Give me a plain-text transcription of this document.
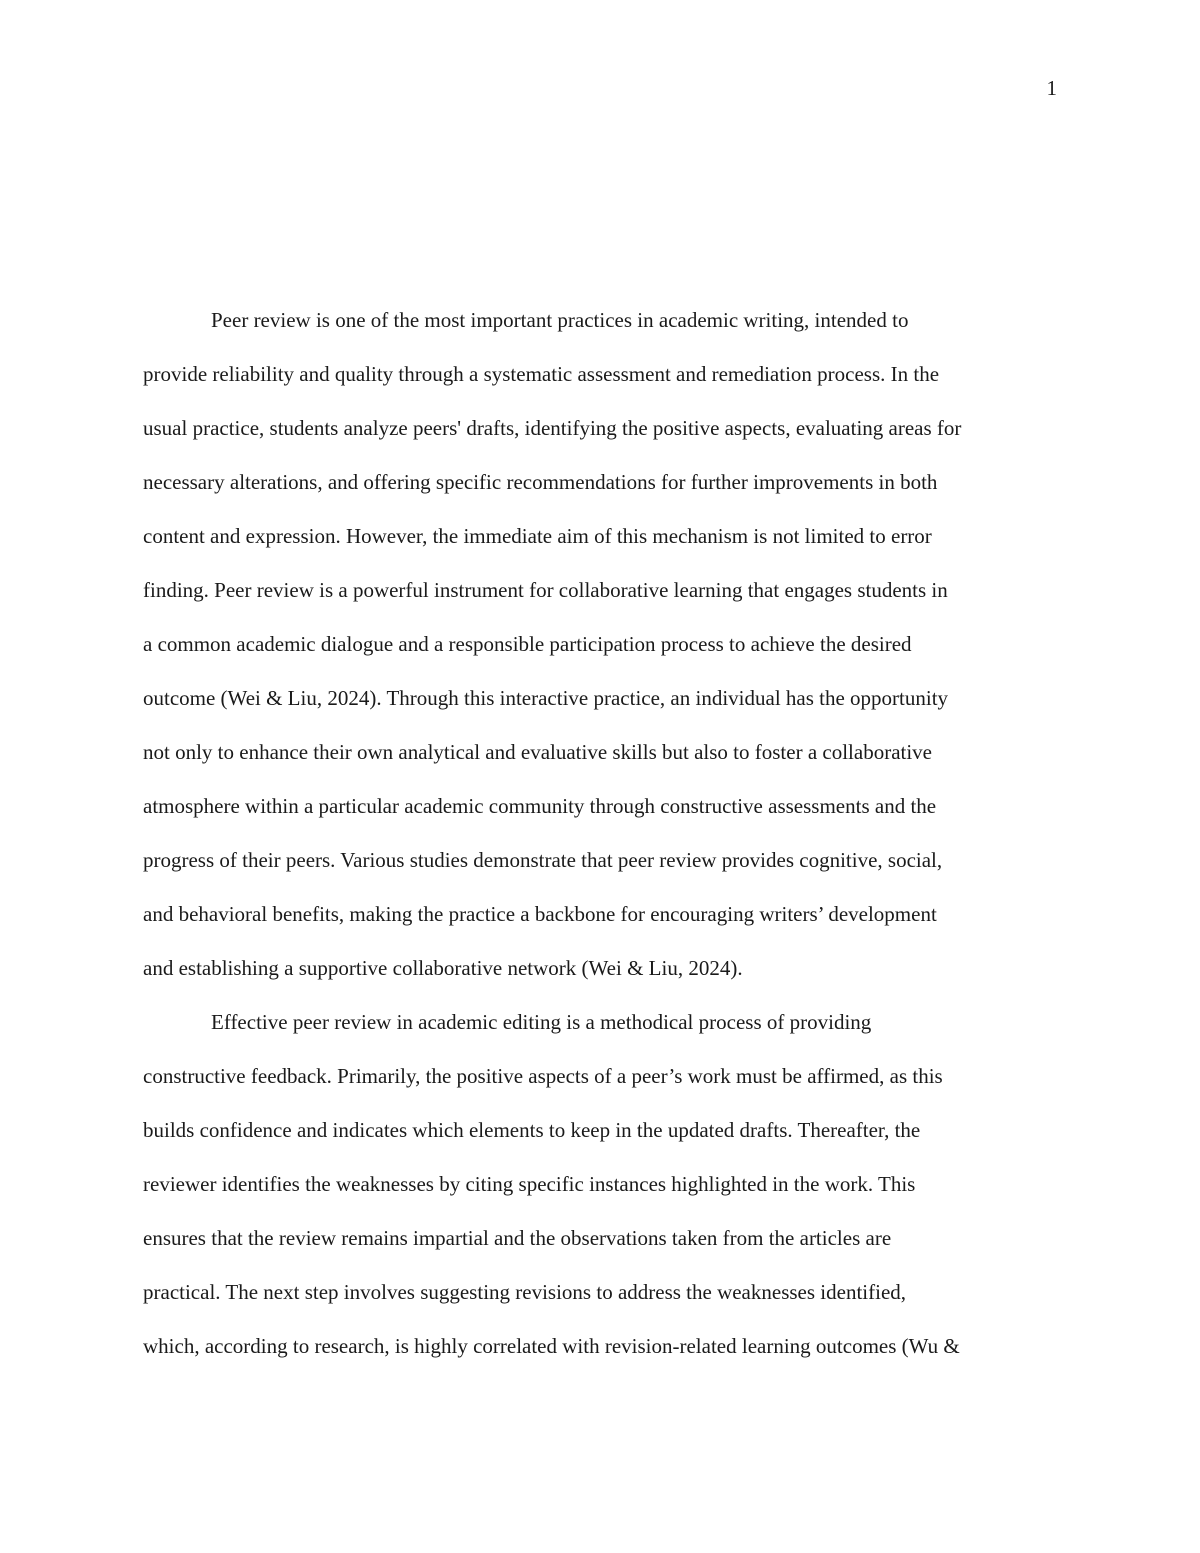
1
Peer review is one of the most important practices in academic writing, intended to
provide reliability and quality through a systematic assessment and remediation process. In the
usual practice, students analyze peers' drafts, identifying the positive aspects, evaluating areas for
necessary alterations, and offering specific recommendations for further improvements in both
content and expression. However, the immediate aim of this mechanism is not limited to error
finding. Peer review is a powerful instrument for collaborative learning that engages students in
a common academic dialogue and a responsible participation process to achieve the desired
outcome (Wei & Liu, 2024). Through this interactive practice, an individual has the opportunity
not only to enhance their own analytical and evaluative skills but also to foster a collaborative
atmosphere within a particular academic community through constructive assessments and the
progress of their peers. Various studies demonstrate that peer review provides cognitive, social,
and behavioral benefits, making the practice a backbone for encouraging writers’ development
and establishing a supportive collaborative network (Wei & Liu, 2024).
Effective peer review in academic editing is a methodical process of providing
constructive feedback. Primarily, the positive aspects of a peer’s work must be affirmed, as this
builds confidence and indicates which elements to keep in the updated drafts. Thereafter, the
reviewer identifies the weaknesses by citing specific instances highlighted in the work. This
ensures that the review remains impartial and the observations taken from the articles are
practical. The next step involves suggesting revisions to address the weaknesses identified,
which, according to research, is highly correlated with revision-related learning outcomes (Wu &
